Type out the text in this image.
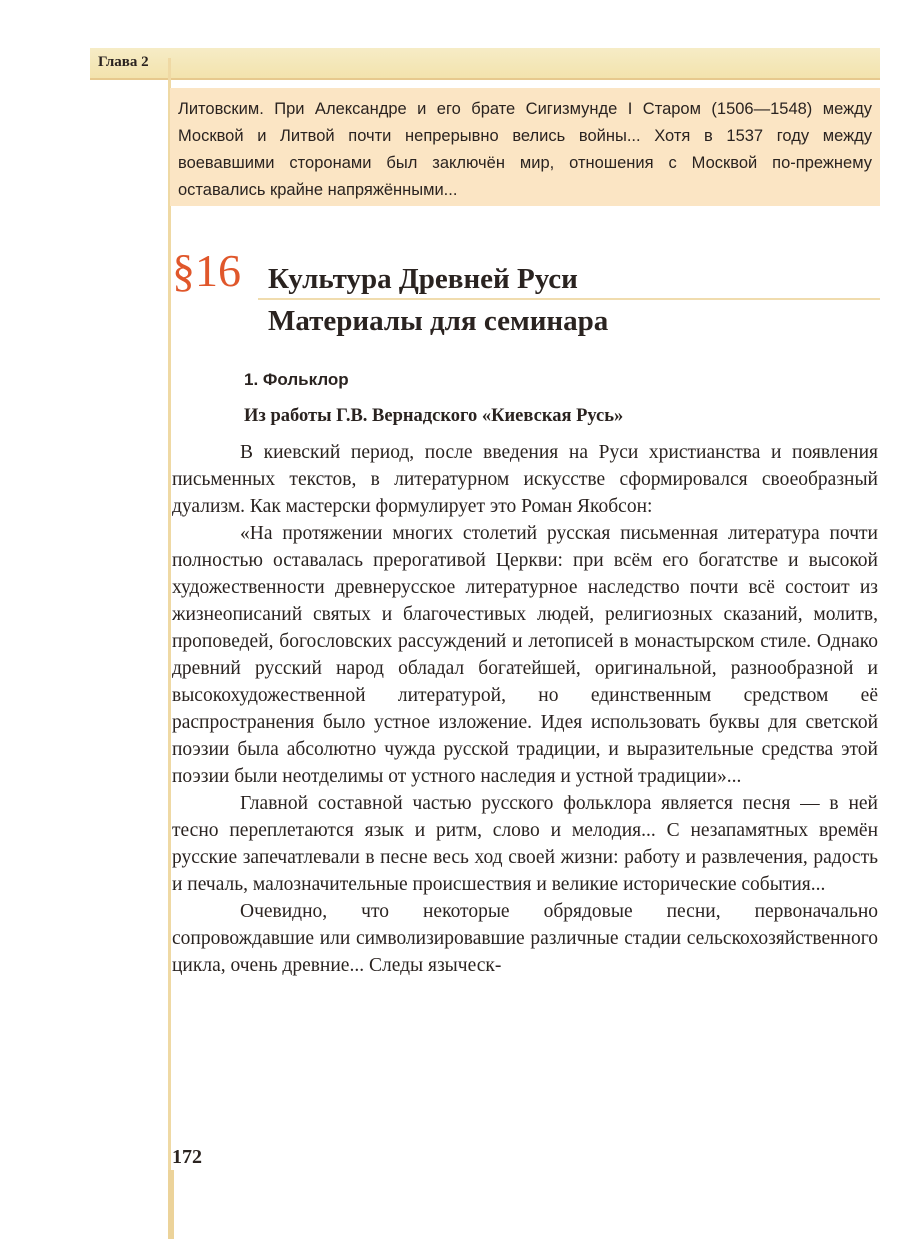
Глава 2

Литовским. При Александре и его брате Сигизмунде I Старом (1506—1548) между Москвой и Литвой почти непрерывно велись войны... Хотя в 1537 году между воевавшими сторонами был заключён мир, отношения с Москвой по-прежнему оставались крайне напряжёнными...

§16 Культура Древней Руси
Материалы для семинара
1. Фольклор
Из работы Г.В. Вернадского «Киевская Русь»

В киевский период, после введения на Руси христианства и появления письменных текстов, в литературном искусстве сформировался своеобразный дуализм. Как мастерски формулирует это Роман Якобсон:

«На протяжении многих столетий русская письменная литература почти полностью оставалась прерогативой Церкви: при всём его богатстве и высокой художественности древнерусское литературное наследство почти всё состоит из жизнеописаний святых и благочестивых людей, религиозных сказаний, молитв, проповедей, богословских рассуждений и летописей в монастырском стиле. Однако древний русский народ обладал богатейшей, оригинальной, разнообразной и высокохудожественной литературой, но единственным средством её распространения было устное изложение. Идея использовать буквы для светской поэзии была абсолютно чужда русской традиции, и выразительные средства этой поэзии были неотделимы от устного наследия и устной традиции»...

Главной составной частью русского фольклора является песня — в ней тесно переплетаются язык и ритм, слово и мелодия... С незапамятных времён русские запечатлевали в песне весь ход своей жизни: работу и развлечения, радость и печаль, малозначительные происшествия и великие исторические события...

Очевидно, что некоторые обрядовые песни, первоначально сопровождавшие или символизировавшие различные стадии сельскохозяйственного цикла, очень древние... Следы языческ-

172
